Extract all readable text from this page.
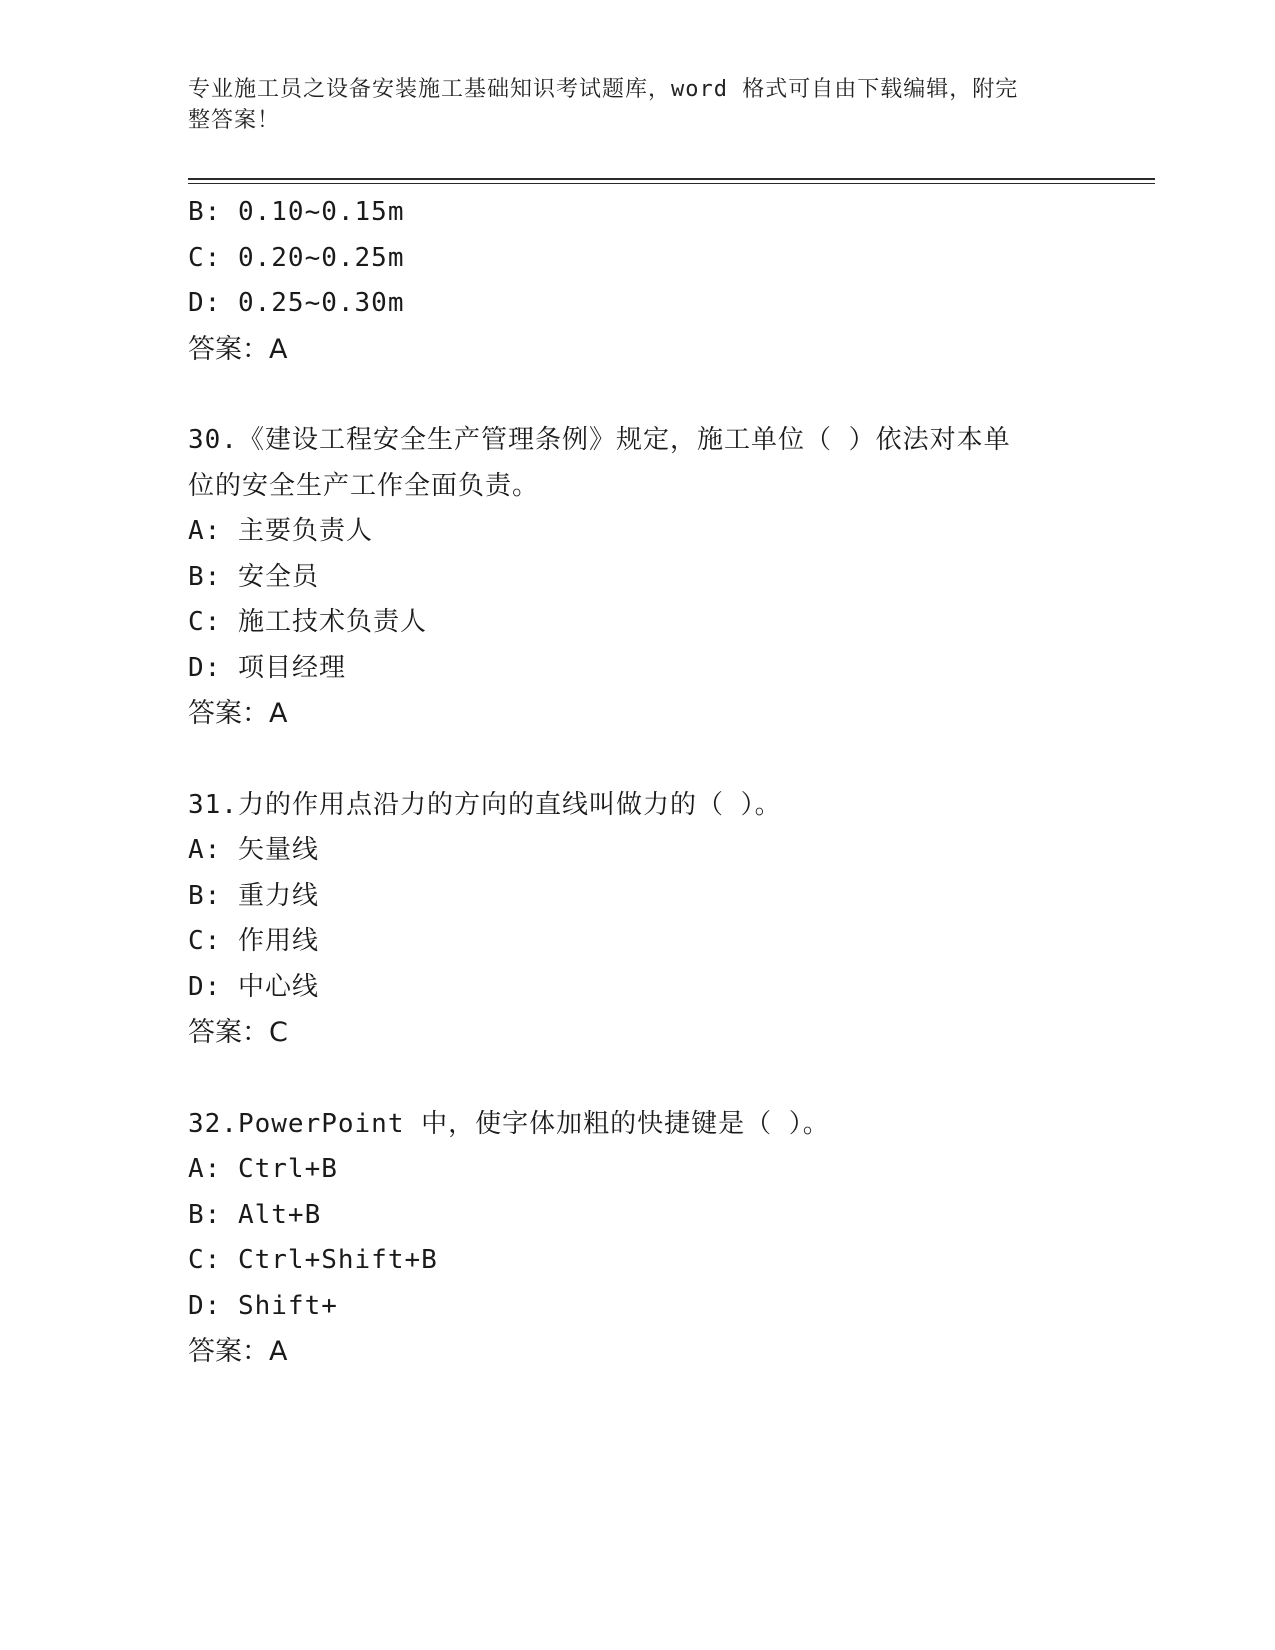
专业施工员之设备安装施工基础知识考试题库，word 格式可自由下载编辑，附完
整答案！
B: 0.10~0.15m
C: 0.20~0.25m
D: 0.25~0.30m
答案：A
30.《建设工程安全生产管理条例》规定，施工单位（ ）依法对本单
位的安全生产工作全面负责。
A: 主要负责人
B: 安全员
C: 施工技术负责人
D: 项目经理
答案：A
31.力的作用点沿力的方向的直线叫做力的（ ）。
A: 矢量线
B: 重力线
C: 作用线
D: 中心线
答案：C
32.PowerPoint 中，使字体加粗的快捷键是（ ）。
A: Ctrl+B
B: Alt+B
C: Ctrl+Shift+B
D: Shift+
答案：A
